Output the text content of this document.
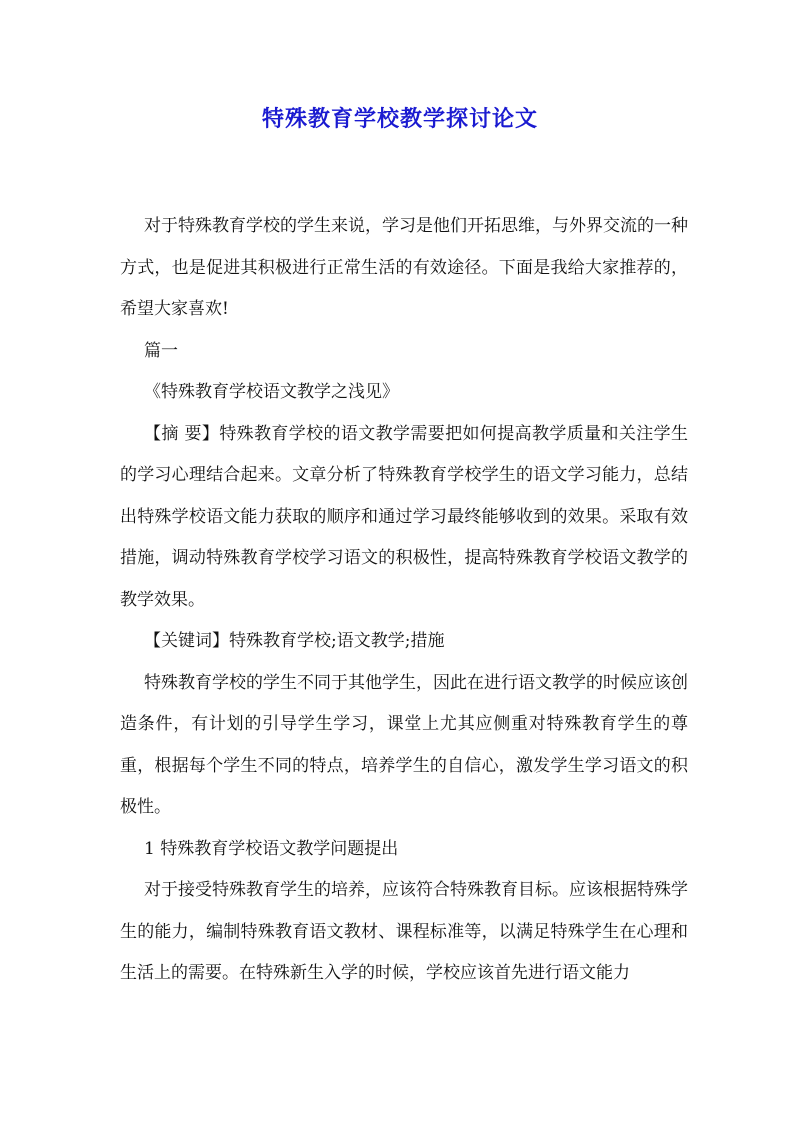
特殊教育学校教学探讨论文

对于特殊教育学校的学生来说，学习是他们开拓思维，与外界交流的一种方式，也是促进其积极进行正常生活的有效途径。下面是我给大家推荐的，希望大家喜欢!

篇一

《特殊教育学校语文教学之浅见》

【摘 要】特殊教育学校的语文教学需要把如何提高教学质量和关注学生的学习心理结合起来。文章分析了特殊教育学校学生的语文学习能力，总结出特殊学校语文能力获取的顺序和通过学习最终能够收到的效果。采取有效措施，调动特殊教育学校学习语文的积极性，提高特殊教育学校语文教学的教学效果。

【关键词】特殊教育学校;语文教学;措施

特殊教育学校的学生不同于其他学生，因此在进行语文教学的时候应该创造条件，有计划的引导学生学习，课堂上尤其应侧重对特殊教育学生的尊重，根据每个学生不同的特点，培养学生的自信心，激发学生学习语文的积极性。

1 特殊教育学校语文教学问题提出

对于接受特殊教育学生的培养，应该符合特殊教育目标。应该根据特殊学生的能力，编制特殊教育语文教材、课程标准等，以满足特殊学生在心理和生活上的需要。在特殊新生入学的时候，学校应该首先进行语文能力
